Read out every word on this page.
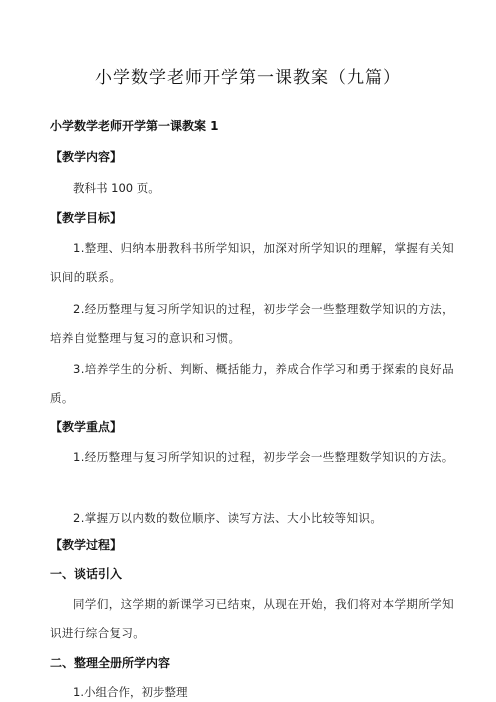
小学数学老师开学第一课教案（九篇）
小学数学老师开学第一课教案 1
【教学内容】
教科书 100 页。
【教学目标】
1.整理、归纳本册教科书所学知识，加深对所学知识的理解，掌握有关知识间的联系。
2.经历整理与复习所学知识的过程，初步学会一些整理数学知识的方法，培养自觉整理与复习的意识和习惯。
3.培养学生的分析、判断、概括能力，养成合作学习和勇于探索的良好品质。
【教学重点】
1.经历整理与复习所学知识的过程，初步学会一些整理数学知识的方法。
2.掌握万以内数的数位顺序、读写方法、大小比较等知识。
【教学过程】
一、谈话引入
同学们，这学期的新课学习已结束，从现在开始，我们将对本学期所学知识进行综合复习。
二、整理全册所学内容
1.小组合作，初步整理
